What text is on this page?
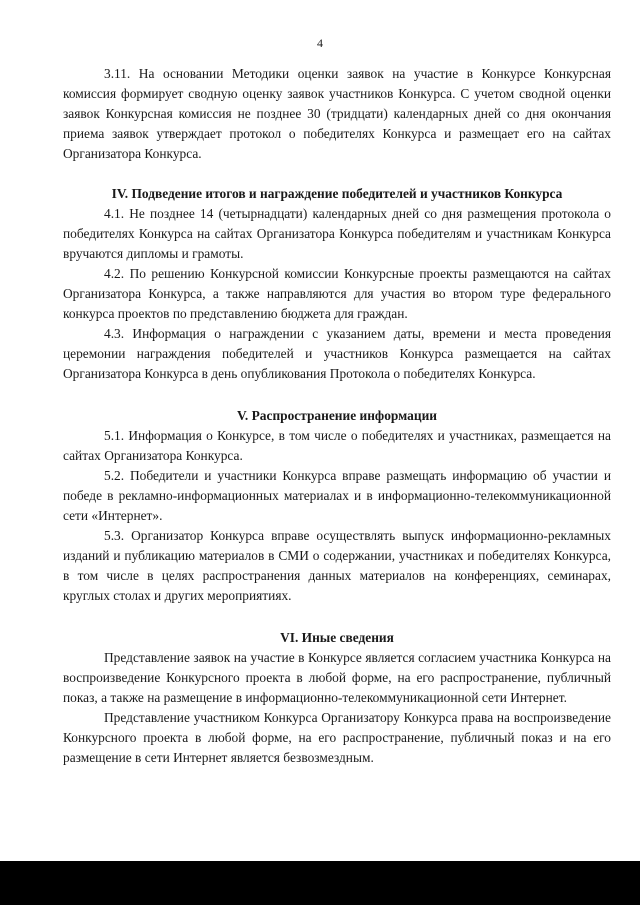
4

3.11. На основании Методики оценки заявок на участие в Конкурсе Конкурсная комиссия формирует сводную оценку заявок участников Конкурса. С учетом сводной оценки заявок Конкурсная комиссия не позднее 30 (тридцати) календарных дней со дня окончания приема заявок утверждает протокол о победителях Конкурса и размещает его на сайтах Организатора Конкурса.

IV. Подведение итогов и награждение победителей и участников Конкурса

4.1. Не позднее 14 (четырнадцати) календарных дней со дня размещения протокола о победителях Конкурса на сайтах Организатора Конкурса победителям и участникам Конкурса вручаются дипломы и грамоты.

4.2. По решению Конкурсной комиссии Конкурсные проекты размещаются на сайтах Организатора Конкурса, а также направляются для участия во втором туре федерального конкурса проектов по представлению бюджета для граждан.

4.3. Информация о награждении с указанием даты, времени и места проведения церемонии награждения победителей и участников Конкурса размещается на сайтах Организатора Конкурса в день опубликования Протокола о победителях Конкурса.

V. Распространение информации

5.1. Информация о Конкурсе, в том числе о победителях и участниках, размещается на сайтах Организатора Конкурса.

5.2. Победители и участники Конкурса вправе размещать информацию об участии и победе в рекламно-информационных материалах и в информационно-телекоммуникационной сети «Интернет».

5.3. Организатор Конкурса вправе осуществлять выпуск информационно-рекламных изданий и публикацию материалов в СМИ о содержании, участниках и победителях Конкурса, в том числе в целях распространения данных материалов на конференциях, семинарах, круглых столах и других мероприятиях.

VI. Иные сведения

Представление заявок на участие в Конкурсе является согласием участника Конкурса на воспроизведение Конкурсного проекта в любой форме, на его распространение, публичный показ, а также на размещение в информационно-телекоммуникационной сети Интернет.

Представление участником Конкурса Организатору Конкурса права на воспроизведение Конкурсного проекта в любой форме, на его распространение, публичный показ и на его размещение в сети Интернет является безвозмездным.
